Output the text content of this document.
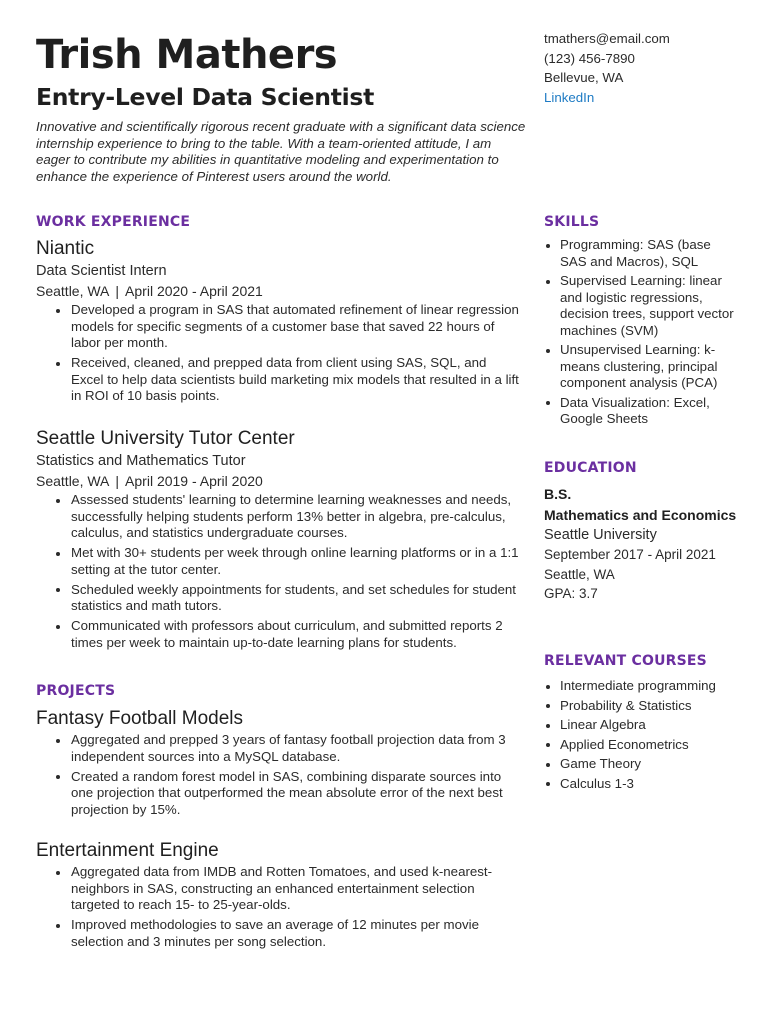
Trish Mathers
Entry-Level Data Scientist

Innovative and scientifically rigorous recent graduate with a significant data science internship experience to bring to the table. With a team-oriented attitude, I am eager to contribute my abilities in quantitative modeling and experimentation to enhance the experience of Pinterest users around the world.

WORK EXPERIENCE

Niantic

Data Scientist Intern

Seattle, WA | April 2020 - April 2021

Developed a program in SAS that automated refinement of linear regression models for specific segments of a customer base that saved 22 hours of labor per month.
Received, cleaned, and prepped data from client using SAS, SQL, and Excel to help data scientists build marketing mix models that resulted in a lift in ROI of 10 basis points.

Seattle University Tutor Center

Statistics and Mathematics Tutor

Seattle, WA | April 2019 - April 2020

Assessed students' learning to determine learning weaknesses and needs, successfully helping students perform 13% better in algebra, pre-calculus, calculus, and statistics undergraduate courses.
Met with 30+ students per week through online learning platforms or in a 1:1 setting at the tutor center.
Scheduled weekly appointments for students, and set schedules for student statistics and math tutors.
Communicated with professors about curriculum, and submitted reports 2 times per week to maintain up-to-date learning plans for students.
PROJECTS

Fantasy Football Models

Aggregated and prepped 3 years of fantasy football projection data from 3 independent sources into a MySQL database.
Created a random forest model in SAS, combining disparate sources into one projection that outperformed the mean absolute error of the next best projection by 15%.

Entertainment Engine

Aggregated data from IMDB and Rotten Tomatoes, and used k-nearest-neighbors in SAS, constructing an enhanced entertainment selection targeted to reach 15- to 25-year-olds.
Improved methodologies to save an average of 12 minutes per movie selection and 3 minutes per song selection.
tmathers@email.com
(123) 456-7890
Bellevue, WA
LinkedIn
SKILLS
Programming: SAS (base SAS and Macros), SQL
Supervised Learning: linear and logistic regressions, decision trees, support vector machines (SVM)
Unsupervised Learning: k-means clustering, principal component analysis (PCA)
Data Visualization: Excel, Google Sheets
EDUCATION
B.S.
Mathematics and Economics
Seattle University
September 2017 - April 2021
Seattle, WA
GPA: 3.7
RELEVANT COURSES
Intermediate programming
Probability & Statistics
Linear Algebra
Applied Econometrics
Game Theory
Calculus 1-3
